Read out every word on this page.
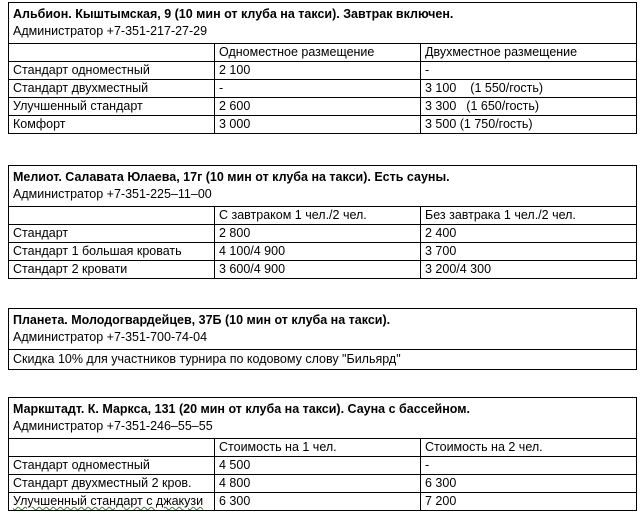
Альбион. Кыштымская, 9 (10 мин от клуба на такси). Завтрак включен.
Администратор +7-351-217-27-29		

	Одноместное размещение	Двухместное размещение
Стандарт одноместный	2 100	-
Стандарт двухместный	-	3 100 (1 550/гость)
Улучшенный стандарт	2 600	3 300 (1 650/гость)
Комфорт	3 000	3 500 (1 750/гость)
Мелиот. Салавата Юлаева, 17г (10 мин от клуба на такси). Есть сауны.
Администратор +7-351-225–11–00		

	С завтраком 1 чел./2 чел.	Без завтрака 1 чел./2 чел.
Стандарт	2 800	2 400
Стандарт 1 большая кровать	4 100/4 900	3 700
Стандарт 2 кровати	3 600/4 900	3 200/4 300
Планета. Молодогвардейцев, 37Б (10 мин от клуба на такси).
Администратор +7-351-700-74-04

Скидка 10% для участников турнира по кодовому слову "Бильярд"
Маркштадт. К. Маркса, 131 (20 мин от клуба на такси). Сауна с бассейном.
Администратор +7-351-246–55–55		

	Стоимость на 1 чел.	Стоимость на 2 чел.
Стандарт одноместный	4 500	-
Стандарт двухместный 2 кров.	4 800	6 300
Улучшенный стандарт с джакузи	6 300	7 200
